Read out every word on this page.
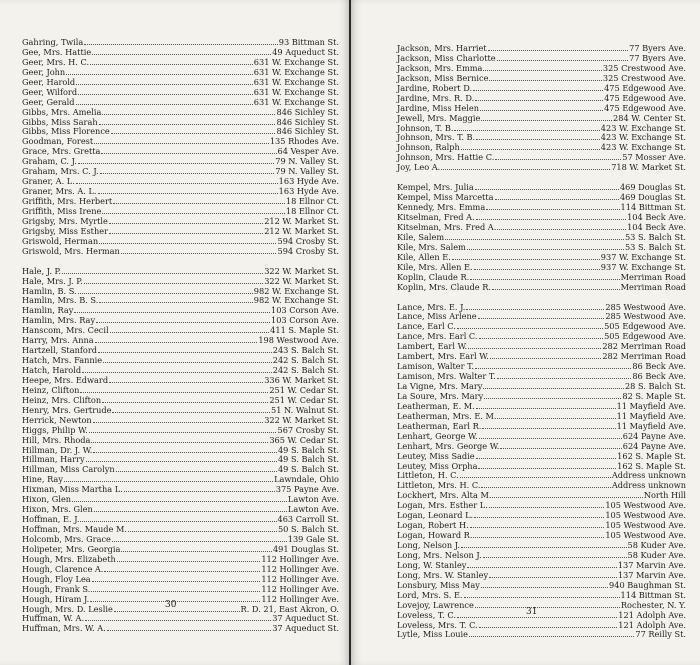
Gahring, Twila	93 Bittman St.
Gee, Mrs. Hattie	49 Aqueduct St.
Geer, Mrs. H. C.	631 W. Exchange St.
Geer, John	631 W. Exchange St.
Geer, Harold	631 W. Exchange St.
Geer, Wilford	631 W. Exchange St.
Geer, Gerald	631 W. Exchange St.
Gibbs, Mrs. Amelia	846 Sichley St.
Gibbs, Miss Sarah	846 Sichley St.
Gibbs, Miss Florence	846 Sichley St.
Goodman, Forest	135 Rhodes Ave.
Grace, Mrs. Gretta	64 Vesper Ave.
Graham, C. J.	79 N. Valley St.
Graham, Mrs. C. J.	79 N. Valley St.
Graner, A. L.	163 Hyde Ave.
Graner, Mrs. A. L.	163 Hyde Ave.
Griffith, Mrs. Herbert	18 Ellnor Ct.
Griffith, Miss Irene	18 Ellnor Ct.
Grigsby, Mrs. Myrtle	212 W. Market St.
Grigsby, Miss Esther	212 W. Market St.
Griswold, Herman	594 Crosby St.
Griswold, Mrs. Herman	594 Crosby St.
Hale, J. P.	322 W. Market St.
Hale, Mrs. J. P.	322 W. Market St.
Hamlin, B. S.	982 W. Exchange St.
Hamlin, Mrs. B. S.	982 W. Exchange St.
Hamlin, Ray	103 Corson Ave.
Hamlin, Mrs. Ray	103 Corson Ave.
Hanscom, Mrs. Cecil	411 S. Maple St.
Harry, Mrs. Anna	198 Westwood Ave.
Hartzell, Stanford	243 S. Balch St.
Hatch, Mrs. Fannie	242 S. Balch St.
Hatch, Harold	242 S. Balch St.
Heepe, Mrs. Edward	336 W. Market St.
Heinz, Clifton	251 W. Cedar St.
Heinz, Mrs. Clifton	251 W. Cedar St.
Henry, Mrs. Gertrude	51 N. Walnut St.
Herrick, Newton	322 W. Market St.
Higgs, Philip W.	567 Crosby St.
Hill, Mrs. Rhoda	365 W. Cedar St.
Hillman, Dr. J. W.	49 S. Balch St.
Hillman, Harry	49 S. Balch St.
Hillman, Miss Carolyn	49 S. Balch St.
Hine, Ray	Lawndale, Ohio
Hixman, Miss Martha L.	375 Payne Ave.
Hixon, Glen	Lawton Ave.
Hixon, Mrs. Glen	Lawton Ave.
Hoffman, E. J.	463 Carroll St.
Hoffman, Mrs. Maude M.	50 S. Balch St.
Holcomb, Mrs. Grace	139 Gale St.
Holipeter, Mrs. Georgia	491 Douglas St.
Hough, Mrs. Elizabeth	112 Hollinger Ave.
Hough, Clarence A.	112 Hollinger Ave.
Hough, Floy Lea	112 Hollinger Ave.
Hough, Frank S.	112 Hollinger Ave.
Hough, Hiram J.	112 Hollinger Ave.
Hough, Mrs. D. Leslie	R. D. 21, East Akron, O.
Huffman, W. A.	37 Aqueduct St.
Huffman, Mrs. W. A.	37 Aqueduct St.
30
Jackson, Mrs. Harriet	77 Byers Ave.
Jackson, Miss Charlotte	77 Byers Ave.
Jackson, Mrs. Emma	325 Crestwood Ave.
Jackson, Miss Bernice	325 Crestwood Ave.
Jardine, Robert D.	475 Edgewood Ave.
Jardine, Mrs. R. D.	475 Edgewood Ave.
Jardine, Miss Helen	475 Edgewood Ave.
Jewell, Mrs. Maggie	284 W. Center St.
Johnson, T. B.	423 W. Exchange St.
Johnson, Mrs. T. B.	423 W. Exchange St.
Johnson, Ralph	423 W. Exchange St.
Johnson, Mrs. Hattie C.	57 Mosser Ave.
Joy, Leo A.	718 W. Market St.
Kempel, Mrs. Julia	469 Douglas St.
Kempel, Miss Marcetta	469 Douglas St.
Kennedy, Mrs. Emma	114 Bittman St.
Kitselman, Fred A.	104 Beck Ave.
Kitselman, Mrs. Fred A.	104 Beck Ave.
Kile, Salem	53 S. Balch St.
Kile, Mrs. Salem	53 S. Balch St.
Kile, Allen E.	937 W. Exchange St.
Kile, Mrs. Allen E.	937 W. Exchange St.
Koplin, Claude R.	Merriman Road
Koplin, Mrs. Claude R.	Merriman Road
Lance, Mrs. E. J.	285 Westwood Ave.
Lance, Miss Arlene	285 Westwood Ave.
Lance, Earl C.	505 Edgewood Ave.
Lance, Mrs. Earl C.	505 Edgewood Ave.
Lambert, Earl W.	282 Merriman Road
Lambert, Mrs. Earl W.	282 Merriman Road
Lamison, Walter T.	86 Beck Ave.
Lamison, Mrs. Walter T.	86 Beck Ave.
La Vigne, Mrs. Mary	28 S. Balch St.
La Soure, Mrs. Mary	82 S. Maple St.
Leatherman, E. M.	11 Mayfield Ave.
Leatherman, Mrs. E. M.	11 Mayfield Ave.
Leatherman, Earl R.	11 Mayfield Ave.
Lenhart, George W.	624 Payne Ave.
Lenhart, Mrs. George W.	624 Payne Ave.
Leutey, Miss Sadie	162 S. Maple St.
Leutey, Miss Orpha	162 S. Maple St.
Littleton, H. C.	Address unknown
Littleton, Mrs. H. C.	Address unknown
Lockhert, Mrs. Alta M.	North Hill
Logan, Mrs. Esther L.	105 Westwood Ave.
Logan, Leonard L.	105 Westwood Ave.
Logan, Robert H.	105 Westwood Ave.
Logan, Howard R.	105 Westwood Ave.
Long, Nelson J.	58 Kuder Ave.
Long, Mrs. Nelson J.	58 Kuder Ave.
Long, W. Stanley	137 Marvin Ave.
Long, Mrs. W. Stanley	137 Marvin Ave.
Lonsbury, Miss May	940 Baughman St.
Lord, Mrs. S. E.	114 Bittman St.
Lovejoy, Lawrence	Rochester, N. Y.
Loveless, T. C.	121 Adolph Ave.
Loveless, Mrs. T. C.	121 Adolph Ave.
Lytle, Miss Louie	77 Reilly St.
31
